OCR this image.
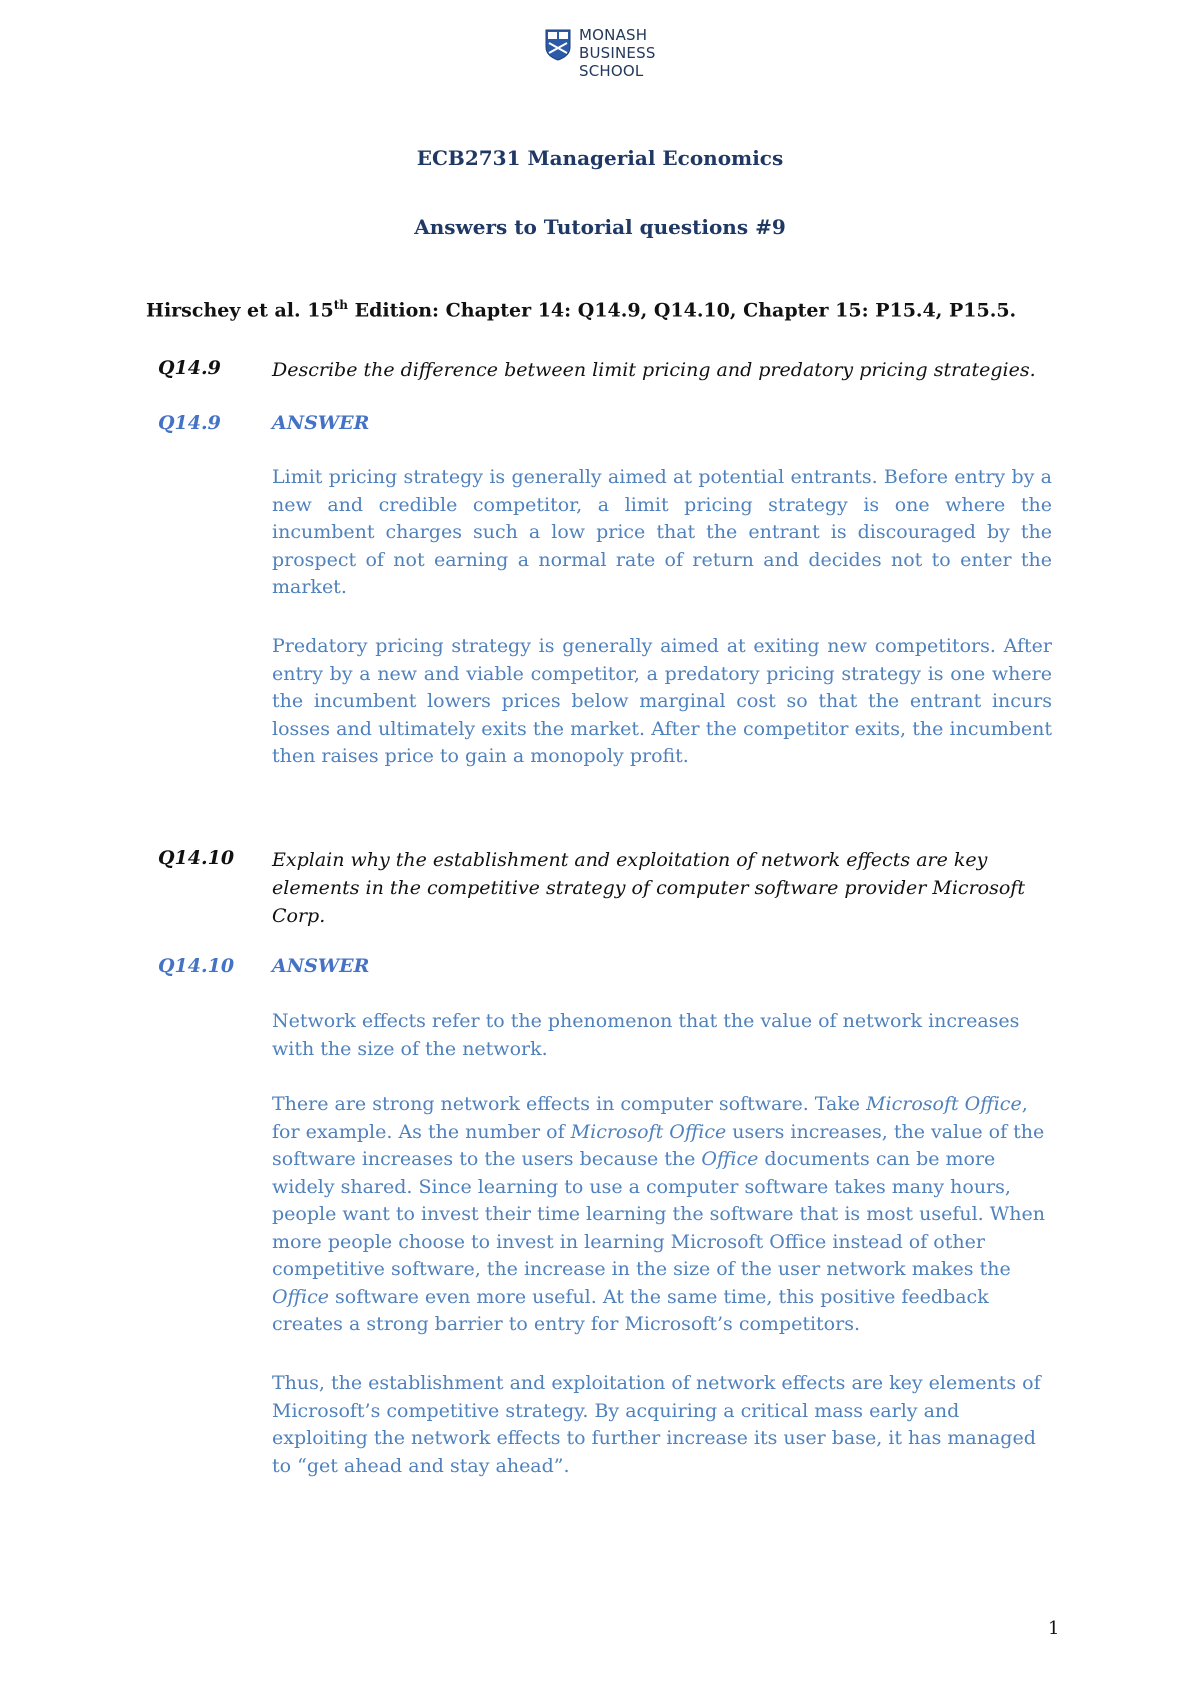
MONASH
BUSINESS
SCHOOL
ECB2731 Managerial Economics
Answers to Tutorial questions #9
Hirschey et al. 15th Edition: Chapter 14: Q14.9, Q14.10, Chapter 15: P15.4, P15.5.
Q14.9	Describe the difference between limit pricing and predatory pricing strategies.
Q14.9	ANSWER

Limit pricing strategy is generally aimed at potential entrants. Before entry by a new and credible competitor, a limit pricing strategy is one where the incumbent charges such a low price that the entrant is discouraged by the prospect of not earning a normal rate of return and decides not to enter the market.

Predatory pricing strategy is generally aimed at exiting new competitors. After entry by a new and viable competitor, a predatory pricing strategy is one where the incumbent lowers prices below marginal cost so that the entrant incurs losses and ultimately exits the market. After the competitor exits, the incumbent then raises price to gain a monopoly profit.

Q14.10 Explain why the establishment and exploitation of network effects are key elements in the competitive strategy of computer software provider Microsoft Corp.
Q14.10 ANSWER

Network effects refer to the phenomenon that the value of network increases with the size of the network.

There are strong network effects in computer software. Take Microsoft Office, for example. As the number of Microsoft Office users increases, the value of the software increases to the users because the Office documents can be more widely shared. Since learning to use a computer software takes many hours, people want to invest their time learning the software that is most useful. When more people choose to invest in learning Microsoft Office instead of other competitive software, the increase in the size of the user network makes the Office software even more useful. At the same time, this positive feedback creates a strong barrier to entry for Microsoft’s competitors.

Thus, the establishment and exploitation of network effects are key elements of Microsoft’s competitive strategy. By acquiring a critical mass early and exploiting the network effects to further increase its user base, it has managed to “get ahead and stay ahead”.

1
